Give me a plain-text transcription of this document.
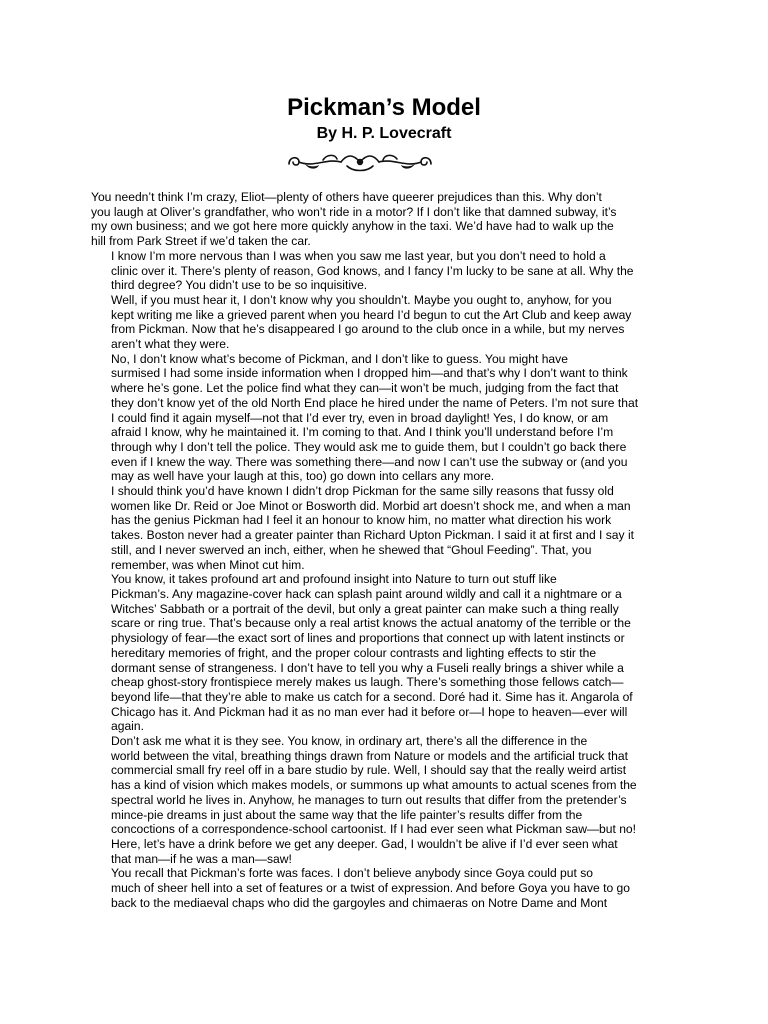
Pickman’s Model
By H. P. Lovecraft
You needn’t think I’m crazy, Eliot—plenty of others have queerer prejudices than this. Why don’t
you laugh at Oliver’s grandfather, who won’t ride in a motor? If I don’t like that damned subway, it’s
my own business; and we got here more quickly anyhow in the taxi. We’d have had to walk up the
hill from Park Street if we’d taken the car.
I know I’m more nervous than I was when you saw me last year, but you don’t need to hold a
clinic over it. There’s plenty of reason, God knows, and I fancy I’m lucky to be sane at all. Why the
third degree? You didn’t use to be so inquisitive.
Well, if you must hear it, I don’t know why you shouldn’t. Maybe you ought to, anyhow, for you
kept writing me like a grieved parent when you heard I’d begun to cut the Art Club and keep away
from Pickman. Now that he’s disappeared I go around to the club once in a while, but my nerves
aren’t what they were.
No, I don’t know what’s become of Pickman, and I don’t like to guess. You might have
surmised I had some inside information when I dropped him—and that’s why I don’t want to think
where he’s gone. Let the police find what they can—it won’t be much, judging from the fact that
they don’t know yet of the old North End place he hired under the name of Peters. I’m not sure that
I could find it again myself—not that I’d ever try, even in broad daylight! Yes, I do know, or am
afraid I know, why he maintained it. I’m coming to that. And I think you’ll understand before I’m
through why I don’t tell the police. They would ask me to guide them, but I couldn’t go back there
even if I knew the way. There was something there—and now I can’t use the subway or (and you
may as well have your laugh at this, too) go down into cellars any more.
I should think you’d have known I didn’t drop Pickman for the same silly reasons that fussy old
women like Dr. Reid or Joe Minot or Bosworth did. Morbid art doesn’t shock me, and when a man
has the genius Pickman had I feel it an honour to know him, no matter what direction his work
takes. Boston never had a greater painter than Richard Upton Pickman. I said it at first and I say it
still, and I never swerved an inch, either, when he shewed that “Ghoul Feeding”. That, you
remember, was when Minot cut him.
You know, it takes profound art and profound insight into Nature to turn out stuff like
Pickman’s. Any magazine-cover hack can splash paint around wildly and call it a nightmare or a
Witches’ Sabbath or a portrait of the devil, but only a great painter can make such a thing really
scare or ring true. That’s because only a real artist knows the actual anatomy of the terrible or the
physiology of fear—the exact sort of lines and proportions that connect up with latent instincts or
hereditary memories of fright, and the proper colour contrasts and lighting effects to stir the
dormant sense of strangeness. I don’t have to tell you why a Fuseli really brings a shiver while a
cheap ghost-story frontispiece merely makes us laugh. There’s something those fellows catch—
beyond life—that they’re able to make us catch for a second. Doré had it. Sime has it. Angarola of
Chicago has it. And Pickman had it as no man ever had it before or—I hope to heaven—ever will
again.
Don’t ask me what it is they see. You know, in ordinary art, there’s all the difference in the
world between the vital, breathing things drawn from Nature or models and the artificial truck that
commercial small fry reel off in a bare studio by rule. Well, I should say that the really weird artist
has a kind of vision which makes models, or summons up what amounts to actual scenes from the
spectral world he lives in. Anyhow, he manages to turn out results that differ from the pretender’s
mince-pie dreams in just about the same way that the life painter’s results differ from the
concoctions of a correspondence-school cartoonist. If I had ever seen what Pickman saw—but no!
Here, let’s have a drink before we get any deeper. Gad, I wouldn’t be alive if I’d ever seen what
that man—if he was a man—saw!
You recall that Pickman’s forte was faces. I don’t believe anybody since Goya could put so
much of sheer hell into a set of features or a twist of expression. And before Goya you have to go
back to the mediaeval chaps who did the gargoyles and chimaeras on Notre Dame and Mont
